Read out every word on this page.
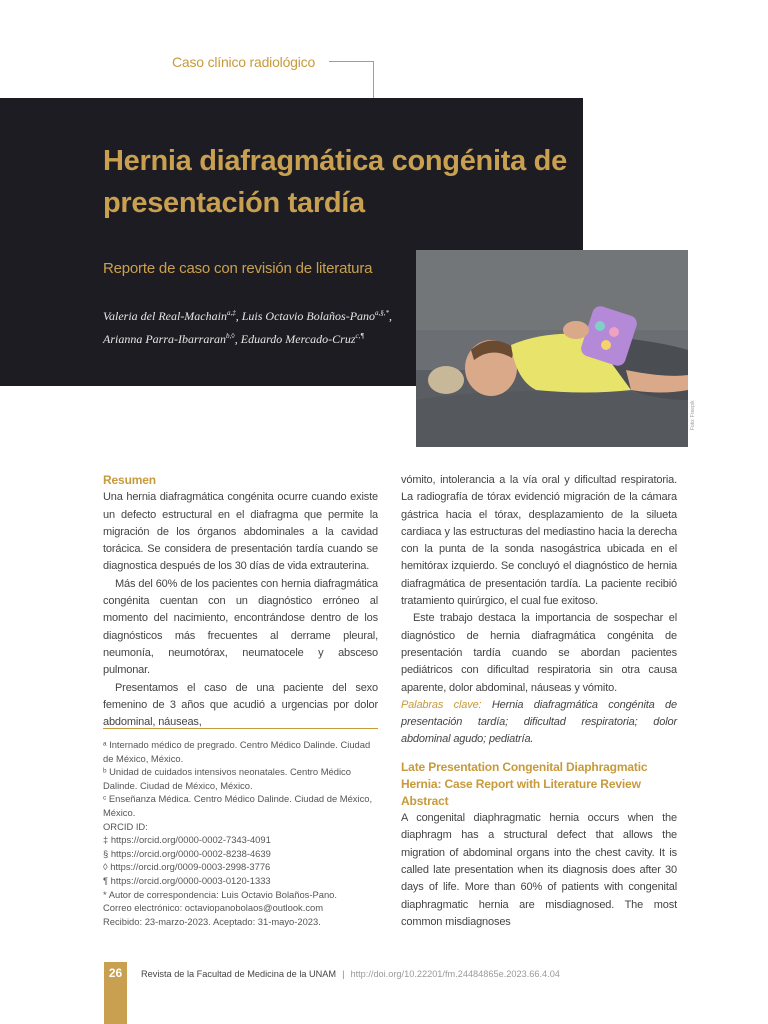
Caso clínico radiológico
Hernia diafragmática congénita de presentación tardía
Reporte de caso con revisión de literatura
Valeria del Real-Machain$^{a,\ddagger}$, Luis Octavio Bolaños-Pano$^{a,\S,*}$, Arianna Parra-Ibarraran$^{b,◊}$, Eduardo Mercado-Cruz$^{c,\P}$
Foto: Freepik
Resumen

Una hernia diafragmática congénita ocurre cuando existe un defecto estructural en el diafragma que permite la migración de los órganos abdominales a la cavidad torácica. Se considera de presentación tardía cuando se diagnostica después de los 30 días de vida extrauterina.

Más del 60% de los pacientes con hernia diafragmática congénita cuentan con un diagnóstico erróneo al momento del nacimiento, encontrándose dentro de los diagnósticos más frecuentes al derrame pleural, neumonía, neumotórax, neumatocele y absceso pulmonar.

Presentamos el caso de una paciente del sexo femenino de 3 años que acudió a urgencias por dolor abdominal, náuseas,

ᵃ Internado médico de pregrado. Centro Médico Dalinde. Ciudad de México, México.
ᵇ Unidad de cuidados intensivos neonatales. Centro Médico Dalinde. Ciudad de México, México.
ᶜ Enseñanza Médica. Centro Médico Dalinde. Ciudad de México, México.
ORCID ID:
‡ https://orcid.org/0000-0002-7343-4091
§ https://orcid.org/0000-0002-8238-4639
◊ https://orcid.org/0009-0003-2998-3776
¶ https://orcid.org/0000-0003-0120-1333
* Autor de correspondencia: Luis Octavio Bolaños-Pano.
Correo electrónico: octaviopanobolaos@outlook.com
Recibido: 23-marzo-2023. Aceptado: 31-mayo-2023.

vómito, intolerancia a la vía oral y dificultad respiratoria. La radiografía de tórax evidenció migración de la cámara gástrica hacia el tórax, desplazamiento de la silueta cardiaca y las estructuras del mediastino hacia la derecha con la punta de la sonda nasogástrica ubicada en el hemitórax izquierdo. Se concluyó el diagnóstico de hernia diafragmática de presentación tardía. La paciente recibió tratamiento quirúrgico, el cual fue exitoso.

Este trabajo destaca la importancia de sospechar el diagnóstico de hernia diafragmática congénita de presentación tardía cuando se abordan pacientes pediátricos con dificultad respiratoria sin otra causa aparente, dolor abdominal, náuseas y vómito.

Palabras clave: Hernia diafragmática congénita de presentación tardía; dificultad respiratoria; dolor abdominal agudo; pediatría.

Late Presentation Congenital Diaphragmatic Hernia: Case Report with Literature Review
Abstract

A congenital diaphragmatic hernia occurs when the diaphragm has a structural defect that allows the migration of abdominal organs into the chest cavity. It is called late presentation when its diagnosis does after 30 days of life. More than 60% of patients with congenital diaphragmatic hernia are misdiagnosed. The most common misdiagnoses

26	Revista de la Facultad de Medicina de la UNAM | http://doi.org/10.22201/fm.24484865e.2023.66.4.04
